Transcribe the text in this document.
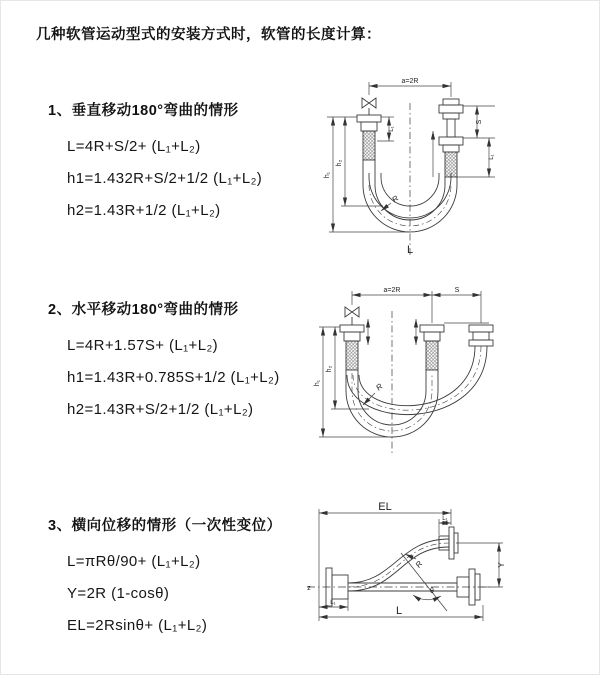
几种软管运动型式的安装方式时，软管的长度计算：
1、垂直移动180°弯曲的情形
L=4R+S/2+ (L₁+L₂)
h1=1.432R+S/2+1/2 (L₁+L₂)
h2=1.43R+1/2 (L₁+L₂)
2、水平移动180°弯曲的情形
L=4R+1.57S+ (L₁+L₂)
h1=1.43R+0.785S+1/2 (L₁+L₂)
h2=1.43R+S/2+1/2 (L₁+L₂)
3、横向位移的情形（一次性变位）
L=πRθ/90+ (L₁+L₂)
Y=2R (1-cosθ)
EL=2Rsinθ+ (L₁+L₂)
a=2R
S
L₁
L₁
h₁
h₂
R
L
a=2R	S
h₁
h₂
R
EL
L₁
Y
L
L₁
R
θ
z
